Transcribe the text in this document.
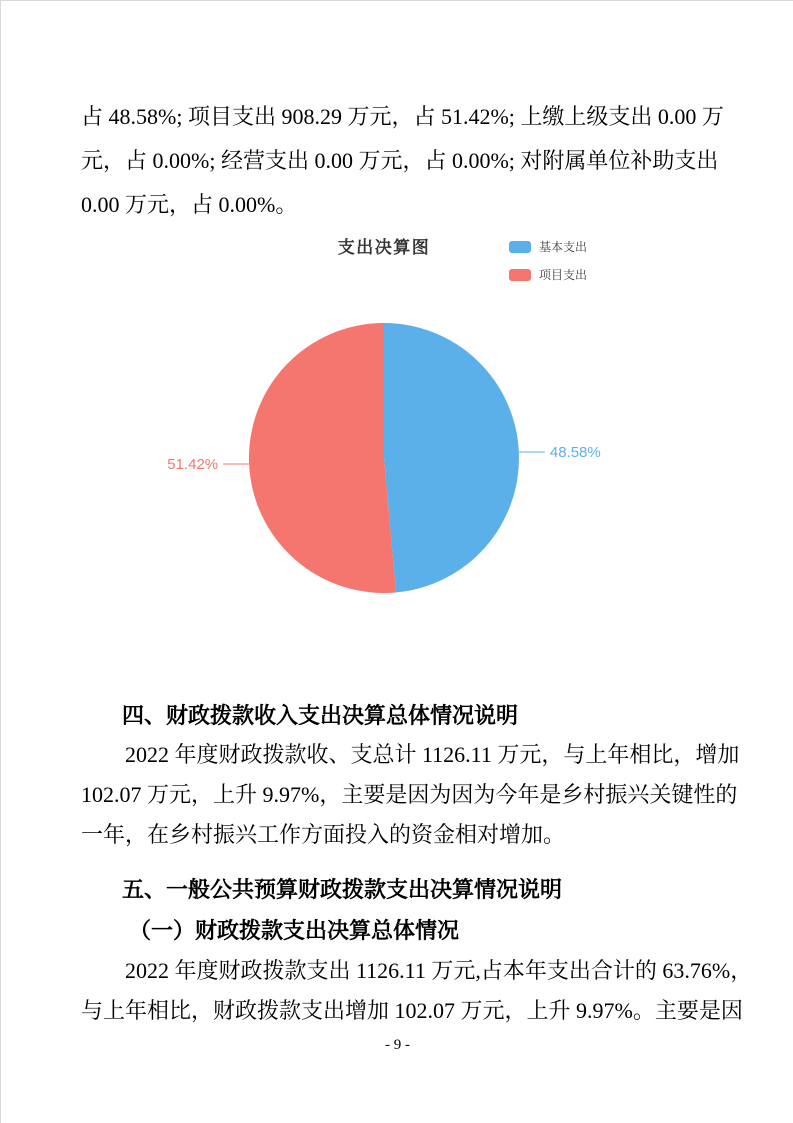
占 48.58%; 项目支出 908.29 万元，占 51.42%; 上缴上级支出 0.00 万
元，占 0.00%; 经营支出 0.00 万元，占 0.00%; 对附属单位补助支出
0.00 万元，占 0.00%。
支出决算图	基本支出
项目支出
48.58%
51.42%
四、财政拨款收入支出决算总体情况说明
2022 年度财政拨款收、支总计 1126.11 万元，与上年相比，增加
102.07 万元，上升 9.97%，主要是因为因为今年是乡村振兴关键性的
一年，在乡村振兴工作方面投入的资金相对增加。
五、一般公共预算财政拨款支出决算情况说明
（一）财政拨款支出决算总体情况
2022 年度财政拨款支出 1126.11 万元,占本年支出合计的 63.76%，
与上年相比，财政拨款支出增加 102.07 万元，上升 9.97%。主要是因
- 9 -
